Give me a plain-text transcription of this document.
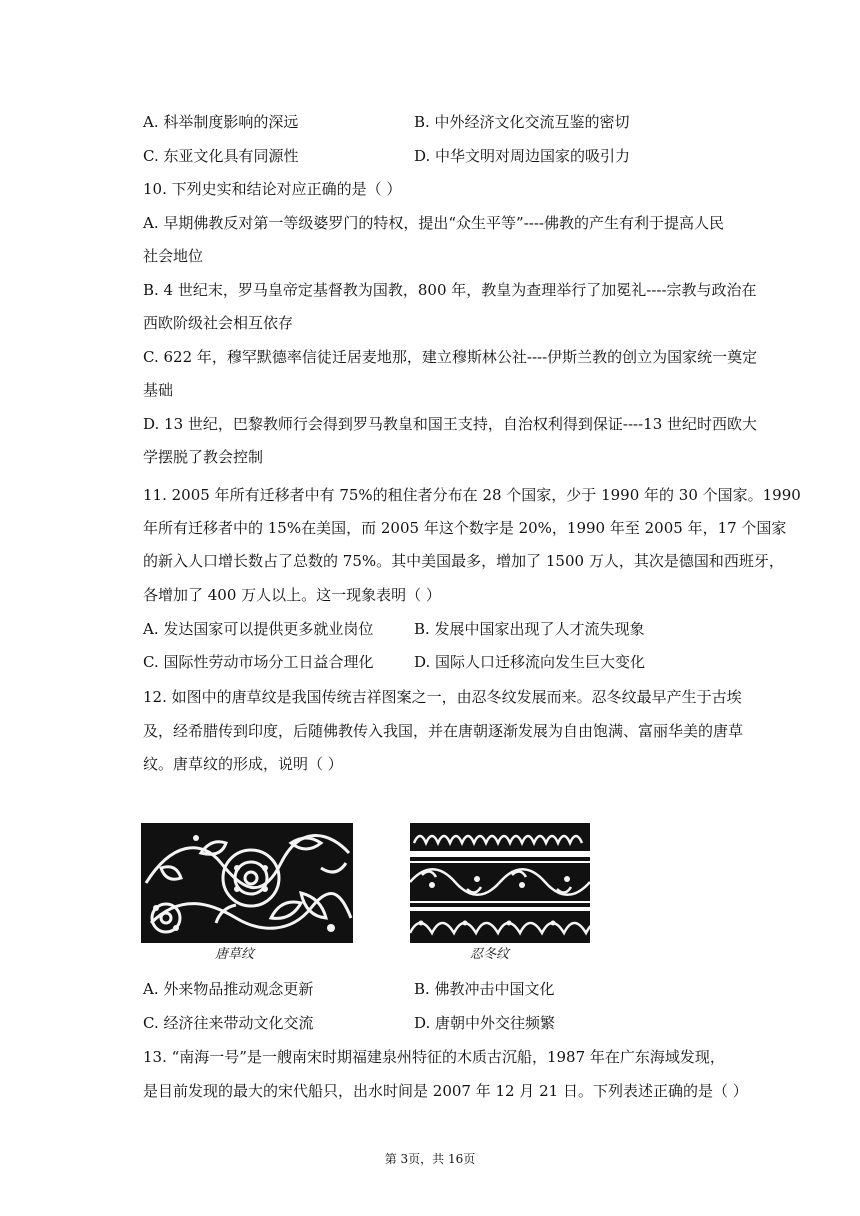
A. 科举制度影响的深远	B. 中外经济文化交流互鉴的密切
C. 东亚文化具有同源性	D. 中华文明对周边国家的吸引力
10. 下列史实和结论对应正确的是（ ）
A. 早期佛教反对第一等级婆罗门的特权，提出“众生平等”----佛教的产生有利于提高人民
社会地位
B. 4 世纪末，罗马皇帝定基督教为国教，800 年，教皇为查理举行了加冕礼----宗教与政治在
西欧阶级社会相互依存
C. 622 年，穆罕默德率信徒迁居麦地那，建立穆斯林公社----伊斯兰教的创立为国家统一奠定
基础
D. 13 世纪，巴黎教师行会得到罗马教皇和国王支持，自治权利得到保证----13 世纪时西欧大
学摆脱了教会控制
11. 2005 年所有迁移者中有 75%的租住者分布在 28 个国家，少于 1990 年的 30 个国家。1990
年所有迁移者中的 15%在美国，而 2005 年这个数字是 20%，1990 年至 2005 年，17 个国家
的新入人口增长数占了总数的 75%。其中美国最多，增加了 1500 万人，其次是德国和西班牙，
各增加了 400 万人以上。这一现象表明（ ）
A. 发达国家可以提供更多就业岗位	B. 发展中国家出现了人才流失现象
C. 国际性劳动市场分工日益合理化	D. 国际人口迁移流向发生巨大变化
12. 如图中的唐草纹是我国传统吉祥图案之一，由忍冬纹发展而来。忍冬纹最早产生于古埃
及，经希腊传到印度，后随佛教传入我国，并在唐朝逐渐发展为自由饱满、富丽华美的唐草
纹。唐草纹的形成，说明（ ）
唐草纹	忍冬纹
A. 外来物品推动观念更新	B. 佛教冲击中国文化
C. 经济往来带动文化交流	D. 唐朝中外交往频繁
13. “南海一号”是一艘南宋时期福建泉州特征的木质古沉船，1987 年在广东海域发现，
是目前发现的最大的宋代船只，出水时间是 2007 年 12 月 21 日。下列表述正确的是（ ）
第 3页，共 16页
